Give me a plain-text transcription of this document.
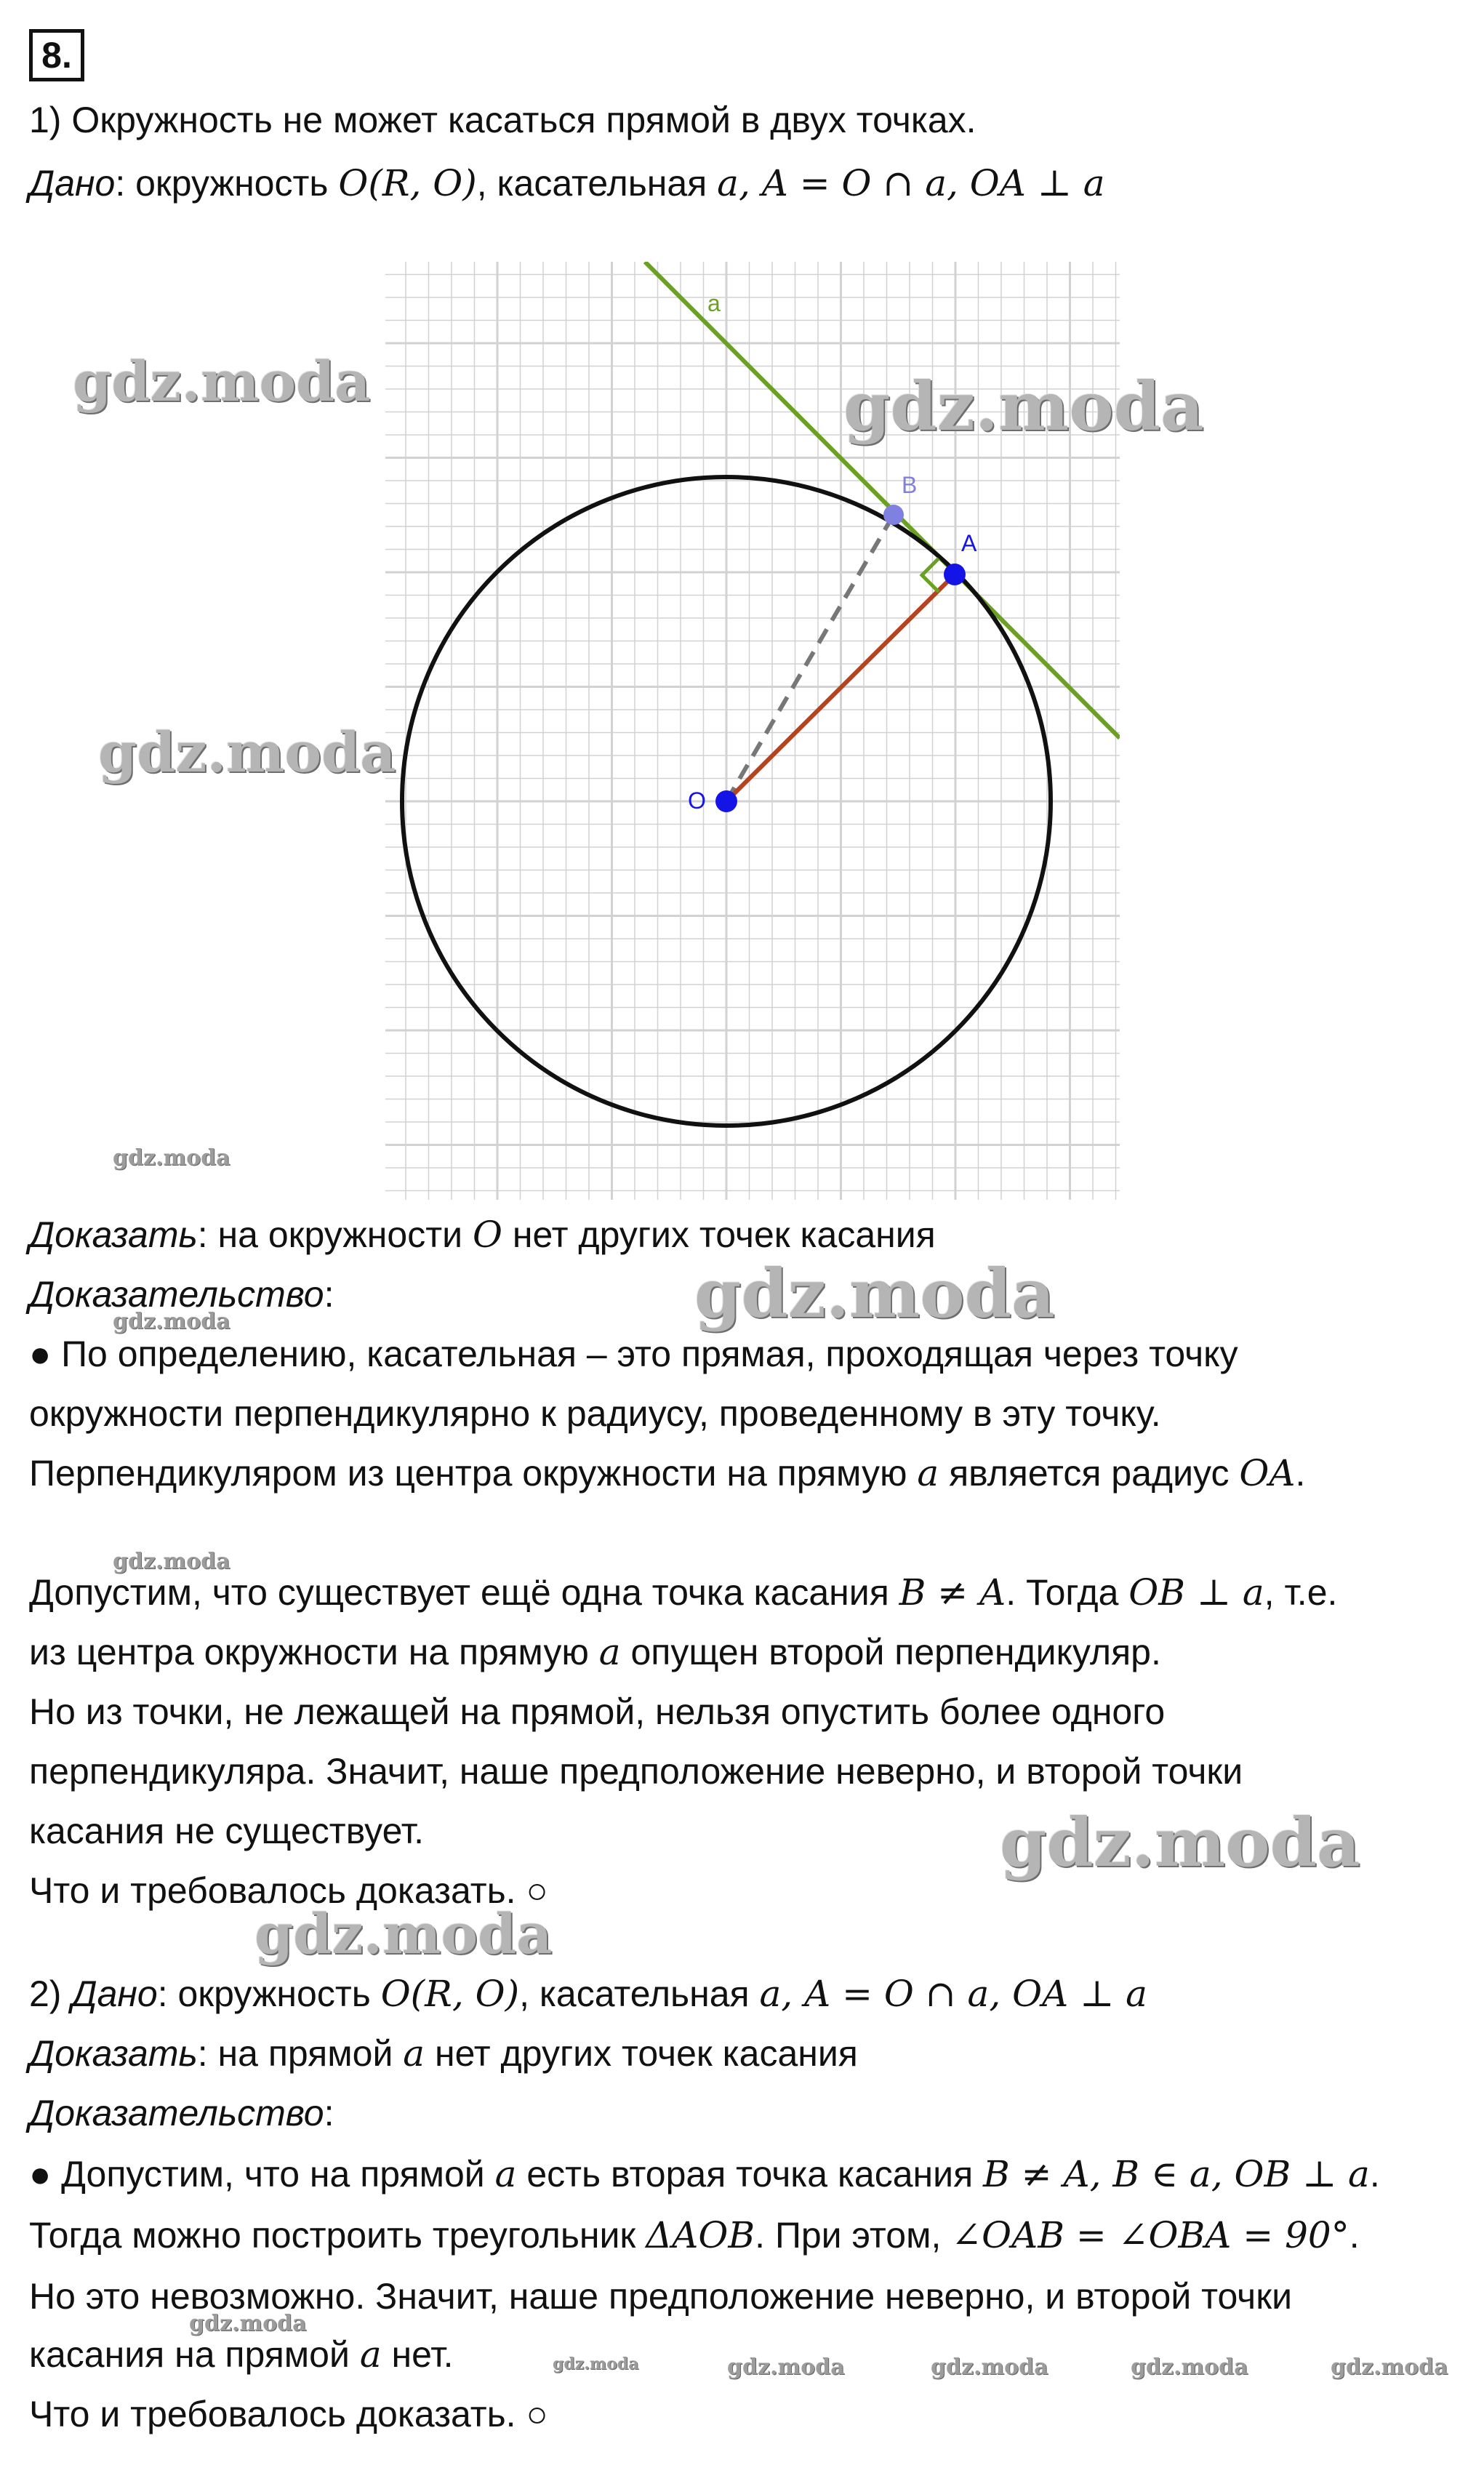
8.
1) Окружность не может касаться прямой в двух точках.
Дано: окружность O(R, O), касательная a, A = O ∩ a, OA ⊥ a
a
B
A
O
Доказать: на окружности O нет других точек касания
Доказательство:
● По определению, касательная – это прямая, проходящая через точку
окружности перпендикулярно к радиусу, проведенному в эту точку.
Перпендикуляром из центра окружности на прямую a является радиус OA.
Допустим, что существует ещё одна точка касания B ≠ A. Тогда OB ⊥ a, т.е.
из центра окружности на прямую a опущен второй перпендикуляр.
Но из точки, не лежащей на прямой, нельзя опустить более одного
перпендикуляра. Значит, наше предположение неверно, и второй точки
касания не существует.
Что и требовалось доказать. ○
2) Дано: окружность O(R, O), касательная a, A = O ∩ a, OA ⊥ a
Доказать: на прямой a нет других точек касания
Доказательство:
● Допустим, что на прямой a есть вторая точка касания B ≠ A, B ∈ a, OB ⊥ a.
Тогда можно построить треугольник ΔAOB. При этом, ∠OAB = ∠OBA = 90°.
Но это невозможно. Значит, наше предположение неверно, и второй точки
касания на прямой a нет.
Что и требовалось доказать. ○
gdz.moda	gdz.moda
gdz.moda
gdz.moda
gdz.moda
gdz.moda
gdz.moda
gdz.moda
gdz.moda
gdz.moda
gdz.moda	gdz.moda	gdz.moda	gdz.moda	gdz.moda
